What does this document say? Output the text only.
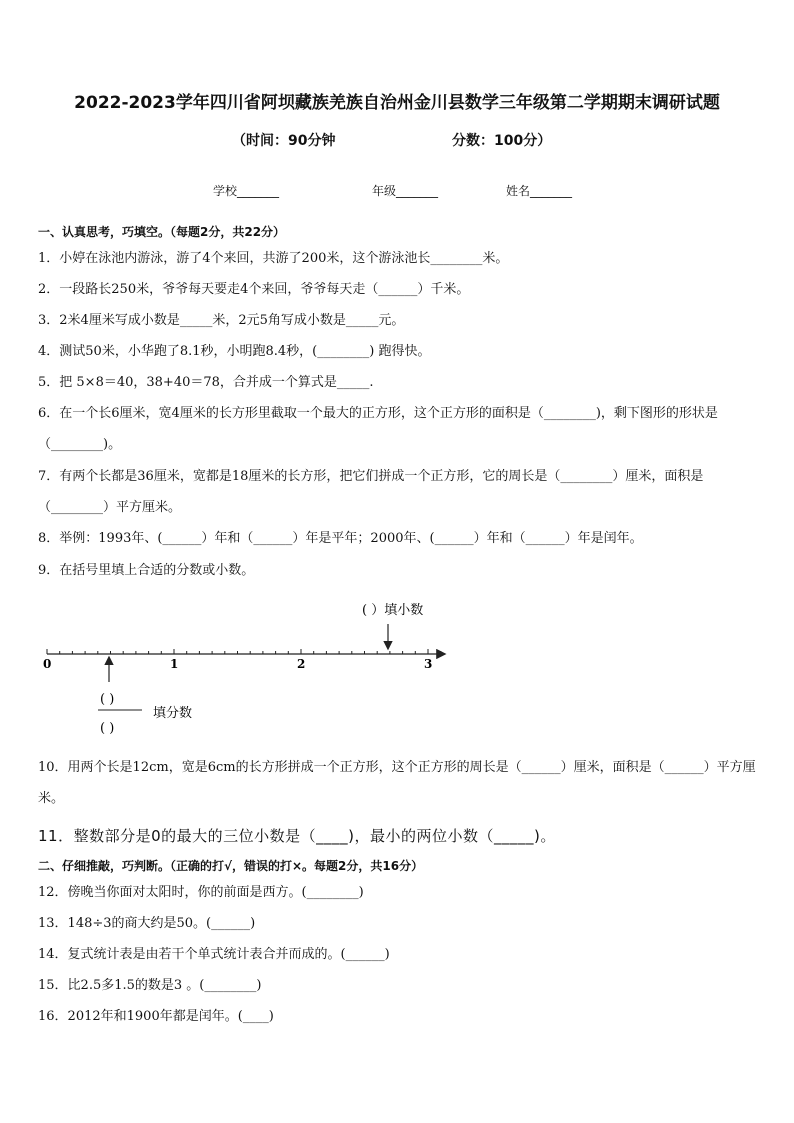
2022-2023学年四川省阿坝藏族羌族自治州金川县数学三年级第二学期期末调研试题
（时间：90分钟	分数：100分）
学校_______	年级_______	姓名_______
一、认真思考，巧填空。（每题2分，共22分）
1．小婷在泳池内游泳，游了4个来回，共游了200米，这个游泳池长________米。
2．一段路长250米，爷爷每天要走4个来回，爷爷每天走（______）千米。
3．2米4厘米写成小数是_____米，2元5角写成小数是_____元。
4．测试50米，小华跑了8.1秒，小明跑8.4秒，(________) 跑得快。
5．把 5×8＝40，38+40＝78，合并成一个算式是_____.
6．在一个长6厘米，宽4厘米的长方形里截取一个最大的正方形，这个正方形的面积是（________)，剩下图形的形状是（________)。
7．有两个长都是36厘米，宽都是18厘米的长方形，把它们拼成一个正方形，它的周长是（________）厘米，面积是（________）平方厘米。
8．举例：1993年、(______）年和（______）年是平年；2000年、(______）年和（______）年是闰年。
9．在括号里填上合适的分数或小数。
( ）填小数
0	1	2	3
( )
( )
填分数
10．用两个长是12cm，宽是6cm的长方形拼成一个正方形，这个正方形的周长是（______）厘米，面积是（______）平方厘米。
11．整数部分是0的最大的三位小数是（____)，最小的两位小数（_____)。
二、仔细推敲，巧判断。（正确的打√，错误的打×。每题2分，共16分）
12．傍晚当你面对太阳时，你的前面是西方。(________)
13．148÷3的商大约是50。(______)
14．复式统计表是由若干个单式统计表合并而成的。(______)
15．比2.5多1.5的数是3 。(________)
16．2012年和1900年都是闰年。(____)
